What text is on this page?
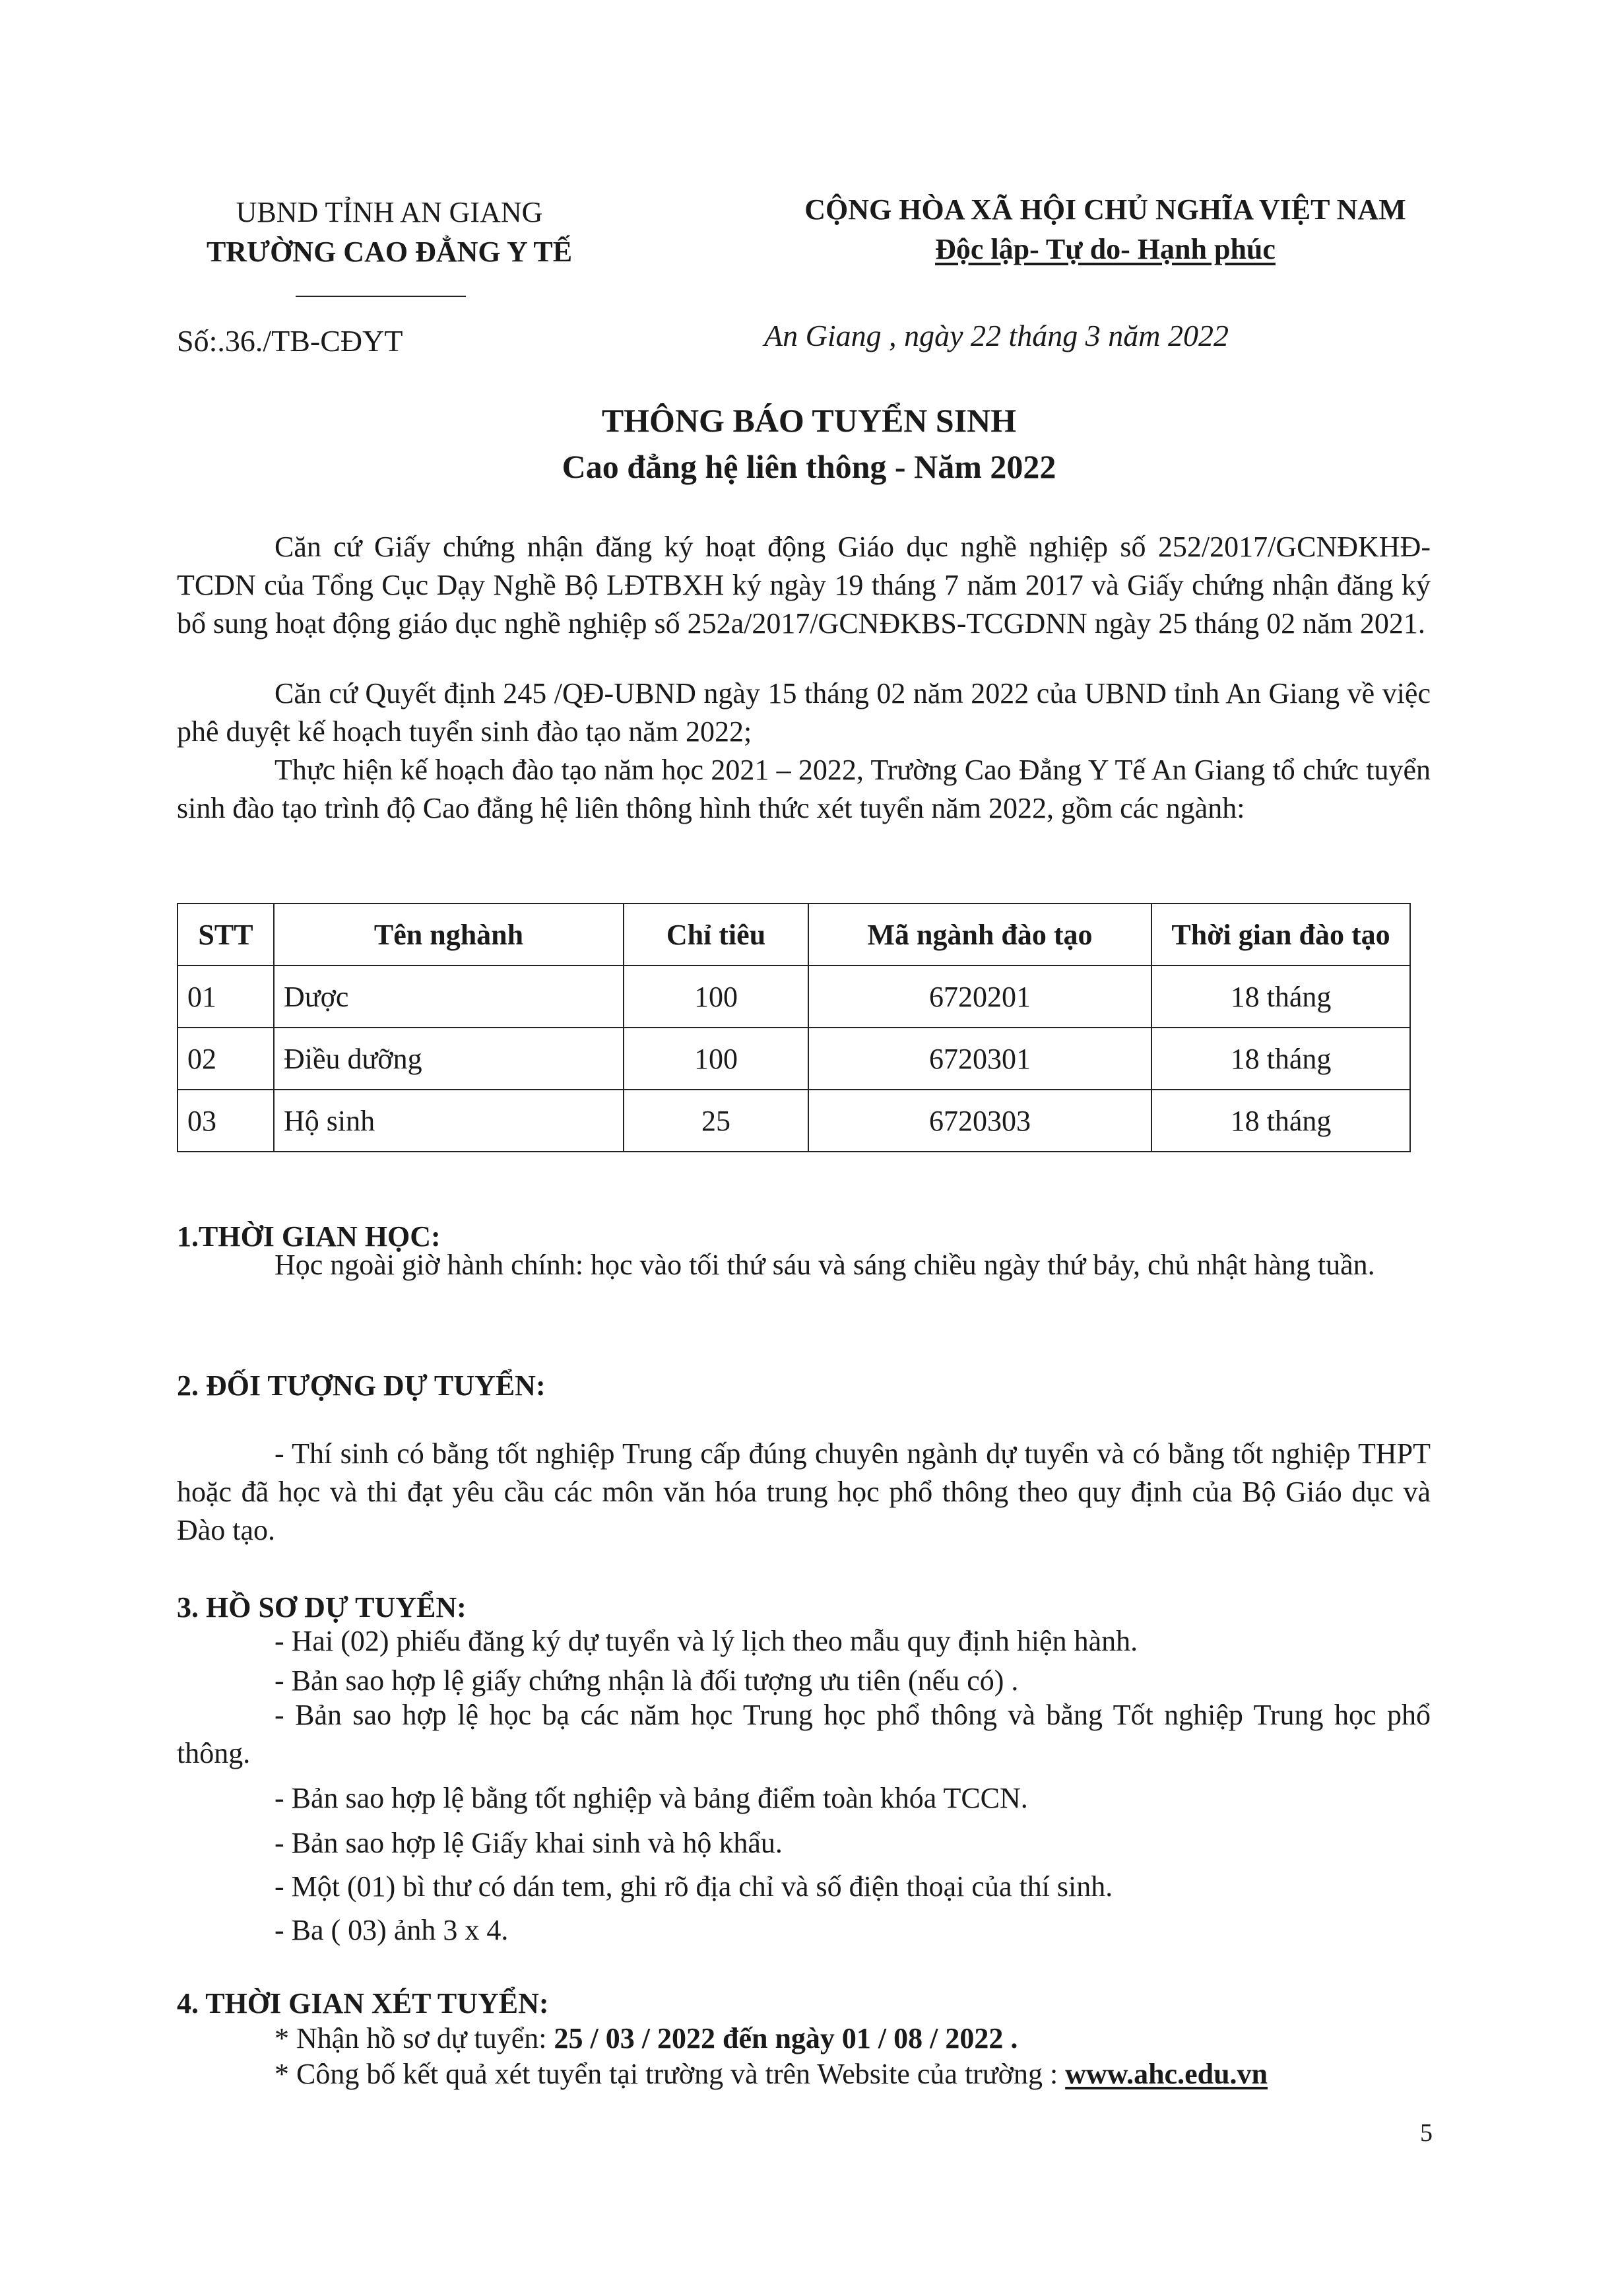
UBND TỈNH AN GIANG
TRƯỜNG CAO ĐẲNG Y TẾ
CỘNG HÒA XÃ HỘI CHỦ NGHĨA VIỆT NAM
Độc lập- Tự do- Hạnh phúc
Số:.36./TB-CĐYT	An Giang , ngày 22 tháng 3 năm 2022
THÔNG BÁO TUYỂN SINH
Cao đẳng hệ liên thông - Năm 2022
Căn cứ Giấy chứng nhận đăng ký hoạt động Giáo dục nghề nghiệp số 252/2017/GCNĐKHĐ-TCDN của Tổng Cục Dạy Nghề Bộ LĐTBXH ký ngày 19 tháng 7 năm 2017 và Giấy chứng nhận đăng ký bổ sung hoạt động giáo dục nghề nghiệp số 252a/2017/GCNĐKBS-TCGDNN ngày 25 tháng 02 năm 2021.
Căn cứ Quyết định 245 /QĐ-UBND ngày 15 tháng 02 năm 2022 của UBND tỉnh An Giang về việc phê duyệt kế hoạch tuyển sinh đào tạo năm 2022;
Thực hiện kế hoạch đào tạo năm học 2021 – 2022, Trường Cao Đẳng Y Tế An Giang tổ chức tuyển sinh đào tạo trình độ Cao đẳng hệ liên thông hình thức xét tuyển năm 2022, gồm các ngành:
STT	Tên nghành	Chỉ tiêu	Mã ngành đào tạo	Thời gian đào tạo
01	Dược	100	6720201	18 tháng
02	Điều dưỡng	100	6720301	18 tháng
03	Hộ sinh	25	6720303	18 tháng
1.THỜI GIAN HỌC:
Học ngoài giờ hành chính: học vào tối thứ sáu và sáng chiều ngày thứ bảy, chủ nhật hàng tuần.
2. ĐỐI TƯỢNG DỰ TUYỂN:
- Thí sinh có bằng tốt nghiệp Trung cấp đúng chuyên ngành dự tuyển và có bằng tốt nghiệp THPT hoặc đã học và thi đạt yêu cầu các môn văn hóa trung học phổ thông theo quy định của Bộ Giáo dục và Đào tạo.
3. HỒ SƠ DỰ TUYỂN:
- Hai (02) phiếu đăng ký dự tuyển và lý lịch theo mẫu quy định hiện hành.
- Bản sao hợp lệ giấy chứng nhận là đối tượng ưu tiên (nếu có) .
- Bản sao hợp lệ học bạ các năm học Trung học phổ thông và bằng Tốt nghiệp Trung học phổ thông.
- Bản sao hợp lệ bằng tốt nghiệp và bảng điểm toàn khóa TCCN.
- Bản sao hợp lệ Giấy khai sinh và hộ khẩu.
- Một (01) bì thư có dán tem, ghi rõ địa chỉ và số điện thoại của thí sinh.
- Ba ( 03) ảnh 3 x 4.
4. THỜI GIAN XÉT TUYỂN:
* Nhận hồ sơ dự tuyển: 25 / 03 / 2022 đến ngày 01 / 08 / 2022 .
* Công bố kết quả xét tuyển tại trường và trên Website của trường : www.ahc.edu.vn
5
